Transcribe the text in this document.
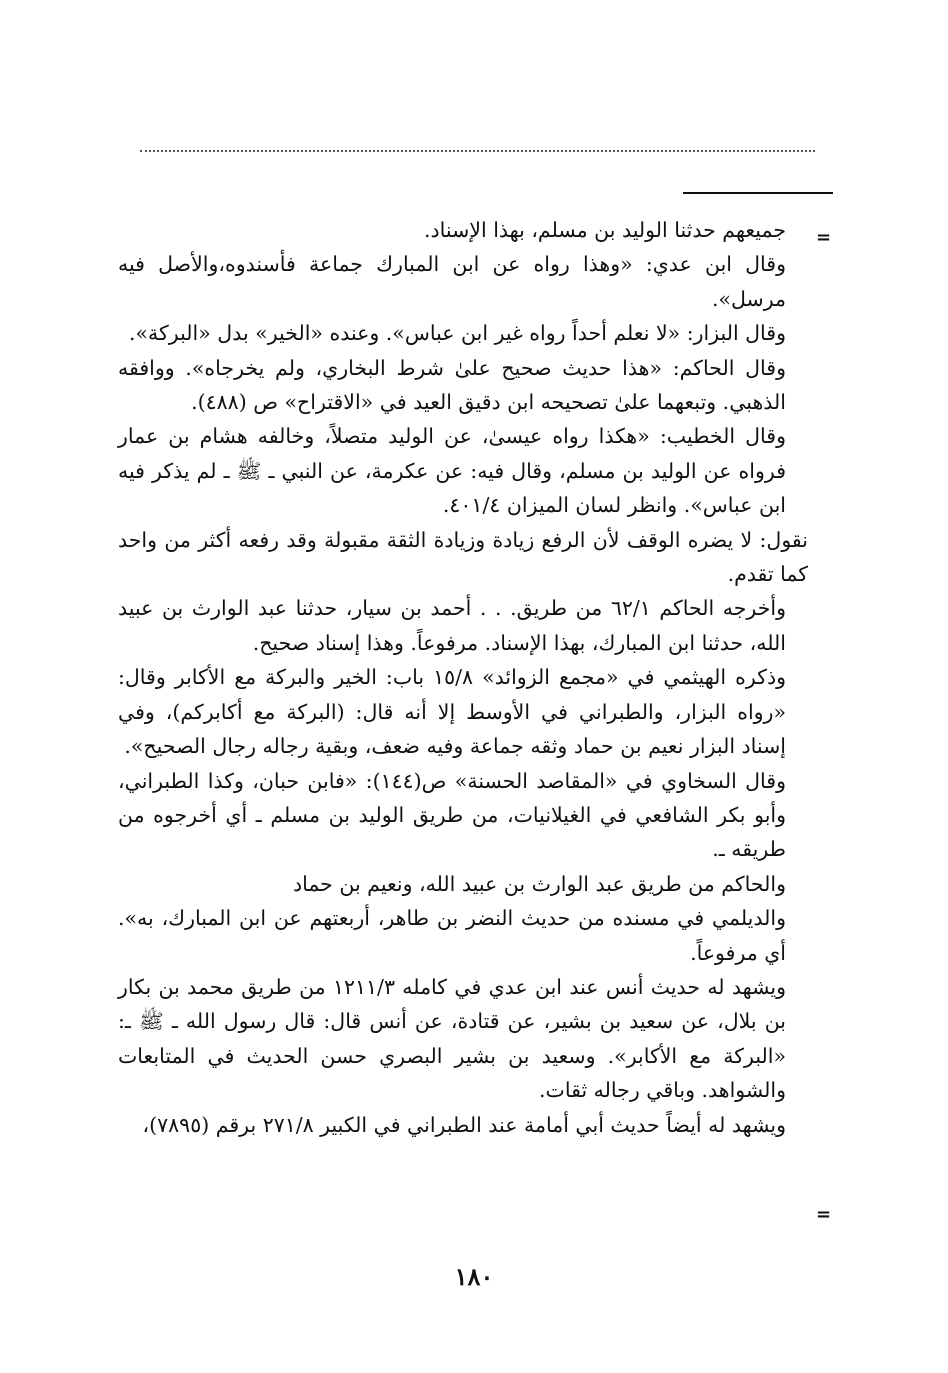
=

جميعهم حدثنا الوليد بن مسلم، بهذا الإسناد.

وقال ابن عدي: «وهذا رواه عن ابن المبارك جماعة فأسندوه،والأصل فيه مرسل».

وقال البزار: «لا نعلم أحداً رواه غير ابن عباس». وعنده «الخير» بدل «البركة».

وقال الحاكم: «هذا حديث صحيح علىٰ شرط البخاري، ولم يخرجاه». ووافقه الذهبي. وتبعهما علىٰ تصحيحه ابن دقيق العيد في «الاقتراح» ص (٤٨٨).

وقال الخطيب: «هكذا رواه عيسىٰ، عن الوليد متصلاً، وخالفه هشام بن عمار فرواه عن الوليد بن مسلم، وقال فيه: عن عكرمة، عن النبي ـ ﷺ ـ لم يذكر فيه ابن عباس». وانظر لسان الميزان ٤٠١/٤.

نقول: لا يضره الوقف لأن الرفع زيادة وزيادة الثقة مقبولة وقد رفعه أكثر من واحد كما تقدم.

وأخرجه الحاكم ٦٢/١ من طريق. . . أحمد بن سيار، حدثنا عبد الوارث بن عبيد الله، حدثنا ابن المبارك، بهذا الإسناد. مرفوعاً. وهذا إسناد صحيح.

وذكره الهيثمي في «مجمع الزوائد» ١٥/٨ باب: الخير والبركة مع الأكابر وقال: «رواه البزار، والطبراني في الأوسط إلا أنه قال: (البركة مع أكابركم)، وفي إسناد البزار نعيم بن حماد وثقه جماعة وفيه ضعف، وبقية رجاله رجال الصحيح».

وقال السخاوي في «المقاصد الحسنة» ص(١٤٤): «فابن حبان، وكذا الطبراني، وأبو بكر الشافعي في الغيلانيات، من طريق الوليد بن مسلم ـ أي أخرجوه من طريقه ـ.

والحاكم من طريق عبد الوارث بن عبيد الله، ونعيم بن حماد

والديلمي في مسنده من حديث النضر بن طاهر، أربعتهم عن ابن المبارك، به». أي مرفوعاً.

ويشهد له حديث أنس عند ابن عدي في كامله ١٢١١/٣ من طريق محمد بن بكار بن بلال، عن سعيد بن بشير، عن قتادة، عن أنس قال: قال رسول الله ـ ﷺ ـ: «البركة مع الأكابر». وسعيد بن بشير البصري حسن الحديث في المتابعات والشواهد. وباقي رجاله ثقات.

ويشهد له أيضاً حديث أبي أمامة عند الطبراني في الكبير ٢٧١/٨ برقم (٧٨٩٥)،

=
١٨٠
